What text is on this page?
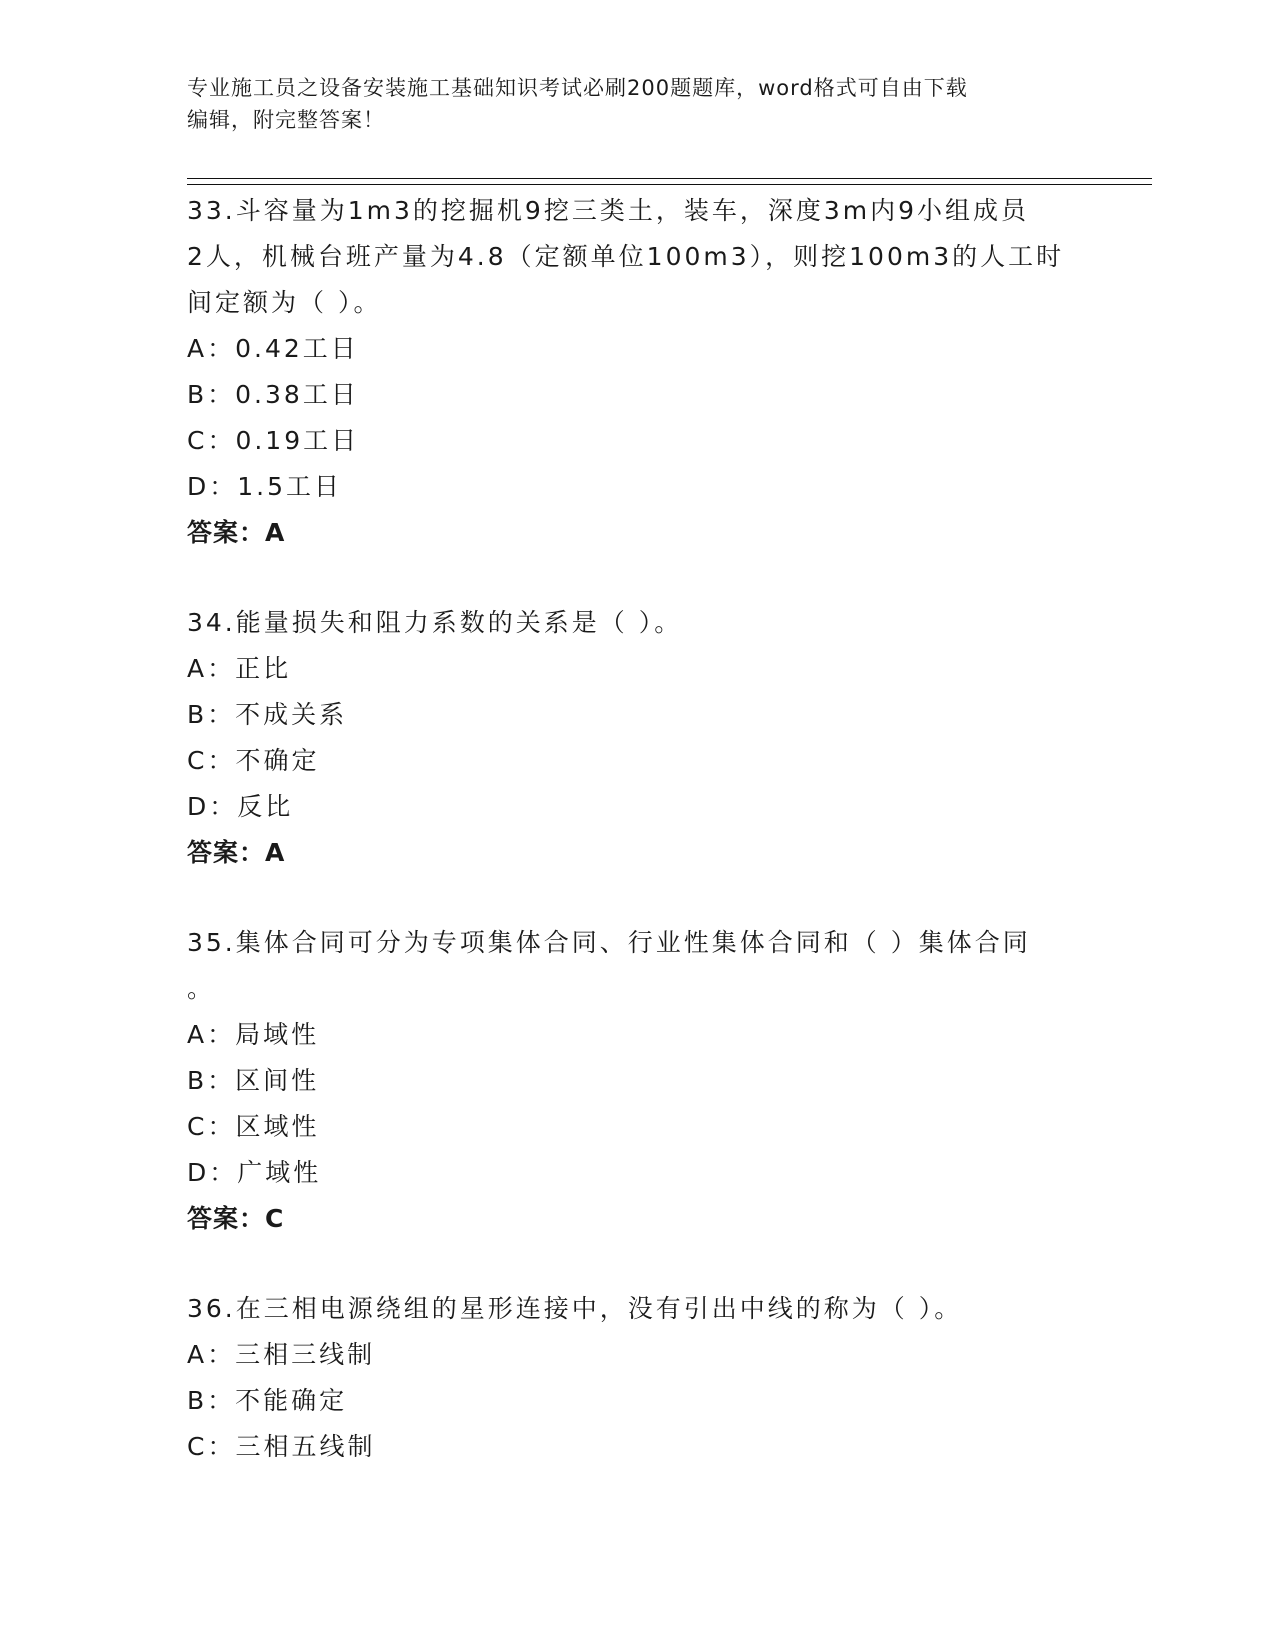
专业施工员之设备安装施工基础知识考试必刷200题题库，word格式可自由下载
编辑，附完整答案！

33.斗容量为1m3的挖掘机9挖三类土，装车，深度3m内9小组成员

2人，机械台班产量为4.8（定额单位100m3），则挖100m3的人工时

间定额为（ ）。

A：0.42工日

B：0.38工日

C：0.19工日

D：1.5工日

答案：A

34.能量损失和阻力系数的关系是（ ）。

A：正比

B：不成关系

C：不确定

D：反比

答案：A

35.集体合同可分为专项集体合同、行业性集体合同和（ ）集体合同

。

A：局域性

B：区间性

C：区域性

D：广域性

答案：C

36.在三相电源绕组的星形连接中，没有引出中线的称为（ ）。

A：三相三线制

B：不能确定

C：三相五线制
